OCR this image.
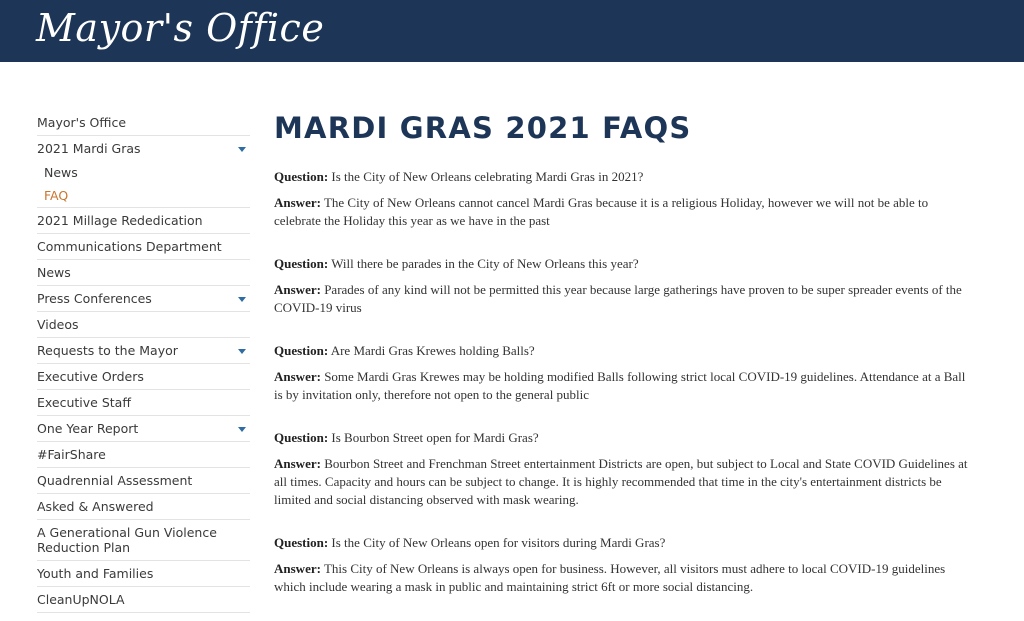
Mayor's Office
Mayor's Office
2021 Mardi Gras
News
FAQ
2021 Millage Rededication
Communications Department
News
Press Conferences
Videos
Requests to the Mayor
Executive Orders
Executive Staff
One Year Report
#FairShare
Quadrennial Assessment
Asked & Answered
A Generational Gun Violence Reduction Plan
Youth and Families
CleanUpNOLA
MARDI GRAS 2021 FAQS

Question: Is the City of New Orleans celebrating Mardi Gras in 2021?

Answer: The City of New Orleans cannot cancel Mardi Gras because it is a religious Holiday, however we will not be able to celebrate the Holiday this year as we have in the past

Question: Will there be parades in the City of New Orleans this year?

Answer: Parades of any kind will not be permitted this year because large gatherings have proven to be super spreader events of the COVID-19 virus

Question: Are Mardi Gras Krewes holding Balls?

Answer: Some Mardi Gras Krewes may be holding modified Balls following strict local COVID-19 guidelines. Attendance at a Ball is by invitation only, therefore not open to the general public

Question: Is Bourbon Street open for Mardi Gras?

Answer: Bourbon Street and Frenchman Street entertainment Districts are open, but subject to Local and State COVID Guidelines at all times. Capacity and hours can be subject to change. It is highly recommended that time in the city's entertainment districts be limited and social distancing observed with mask wearing.

Question: Is the City of New Orleans open for visitors during Mardi Gras?

Answer: This City of New Orleans is always open for business. However, all visitors must adhere to local COVID-19 guidelines which include wearing a mask in public and maintaining strict 6ft or more social distancing.
